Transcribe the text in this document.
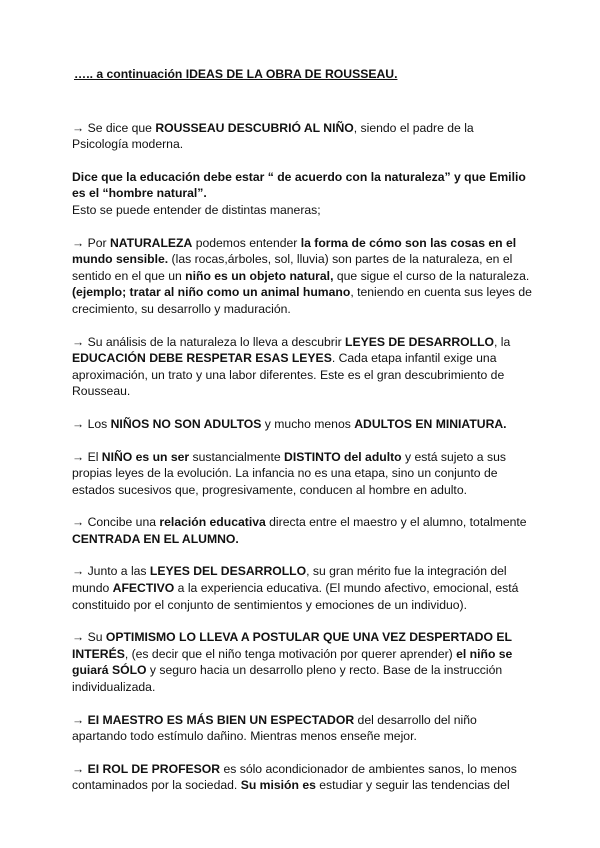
….. a continuación IDEAS DE LA OBRA DE ROUSSEAU.

→ Se dice que ROUSSEAU DESCUBRIÓ AL NIÑO, siendo el padre de la Psicología moderna.

Dice que la educación debe estar “ de acuerdo con la naturaleza” y que Emilio es el “hombre natural”.
Esto se puede entender de distintas maneras;

→ Por NATURALEZA podemos entender la forma de cómo son las cosas en el mundo sensible. (las rocas,árboles, sol, lluvia) son partes de la naturaleza, en el sentido en el que un niño es un objeto natural, que sigue el curso de la naturaleza. (ejemplo; tratar al niño como un animal humano, teniendo en cuenta sus leyes de crecimiento, su desarrollo y maduración.

→ Su análisis de la naturaleza lo lleva a descubrir LEYES DE DESARROLLO, la EDUCACIÓN DEBE RESPETAR ESAS LEYES. Cada etapa infantil exige una aproximación, un trato y una labor diferentes. Este es el gran descubrimiento de Rousseau.

→ Los NIÑOS NO SON ADULTOS y mucho menos ADULTOS EN MINIATURA.

→ El NIÑO es un ser sustancialmente DISTINTO del adulto y está sujeto a sus propias leyes de la evolución. La infancia no es una etapa, sino un conjunto de estados sucesivos que, progresivamente, conducen al hombre en adulto.

→ Concibe una relación educativa directa entre el maestro y el alumno, totalmente CENTRADA EN EL ALUMNO.

→ Junto a las LEYES DEL DESARROLLO, su gran mérito fue la integración del mundo AFECTIVO a la experiencia educativa. (El mundo afectivo, emocional, está constituido por el conjunto de sentimientos y emociones de un individuo).

→ Su OPTIMISMO LO LLEVA A POSTULAR QUE UNA VEZ DESPERTADO EL INTERÉS, (es decir que el niño tenga motivación por querer aprender) el niño se guiará SÓLO y seguro hacia un desarrollo pleno y recto. Base de la instrucción individualizada.

→ EI MAESTRO ES MÁS BIEN UN ESPECTADOR del desarrollo del niño apartando todo estímulo dañino. Mientras menos enseñe mejor.

→ EI ROL DE PROFESOR es sólo acondicionador de ambientes sanos, lo menos contaminados por la sociedad. Su misión es estudiar y seguir las tendencias del
